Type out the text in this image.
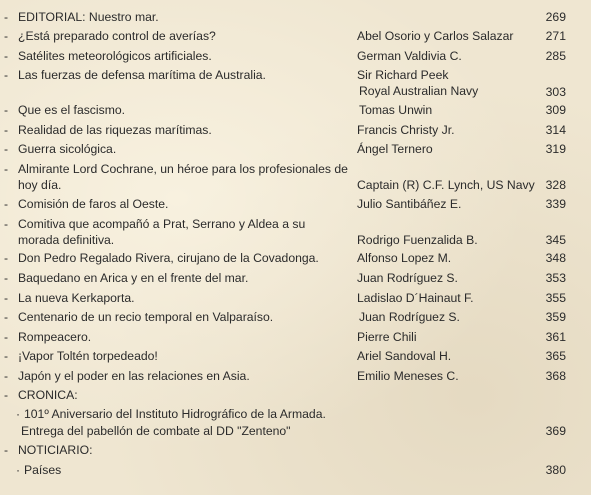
- EDITORIAL: Nuestro mar.	269
- ¿Está preparado control de averías?	Abel Osorio y Carlos Salazar	271
- Satélites meteorológicos artificiales.	German Valdivia C.	285
- Las fuerzas de defensa marítima de Australia.	Sir Richard Peek
Royal Australian Navy	303
- Que es el fascismo.	Tomas Unwin	309
- Realidad de las riquezas marítimas.	Francis Christy Jr.	314
- Guerra sicológica.	Ángel Ternero	319
- Almirante Lord Cochrane, un héroe para los profesionales de hoy día.	Captain (R) C.F. Lynch, US Navy 328
- Comisión de faros al Oeste.	Julio Santibáñez E.	339
- Comitiva que acompañó a Prat, Serrano y Aldea a su morada definitiva.	Rodrigo Fuenzalida B.	345
- Don Pedro Regalado Rivera, cirujano de la Covadonga.	Alfonso Lopez M.	348
- Baquedano en Arica y en el frente del mar.	Juan Rodríguez S.	353
- La nueva Kerkaporta.	Ladislao D´Hainaut F.	355
- Centenario de un recio temporal en Valparaíso.	Juan Rodríguez S.	359
- Rompeacero.	Pierre Chili	361
- ¡Vapor Toltén torpedeado!	Ariel Sandoval H.	365
- Japón y el poder en las relaciones en Asia.	Emilio Meneses C.	368
- CRONICA:
· 101º Aniversario del Instituto Hidrográfico de la Armada.
Entrega del pabellón de combate al DD "Zenteno"	369
- NOTICIARIO:
· Países	380
